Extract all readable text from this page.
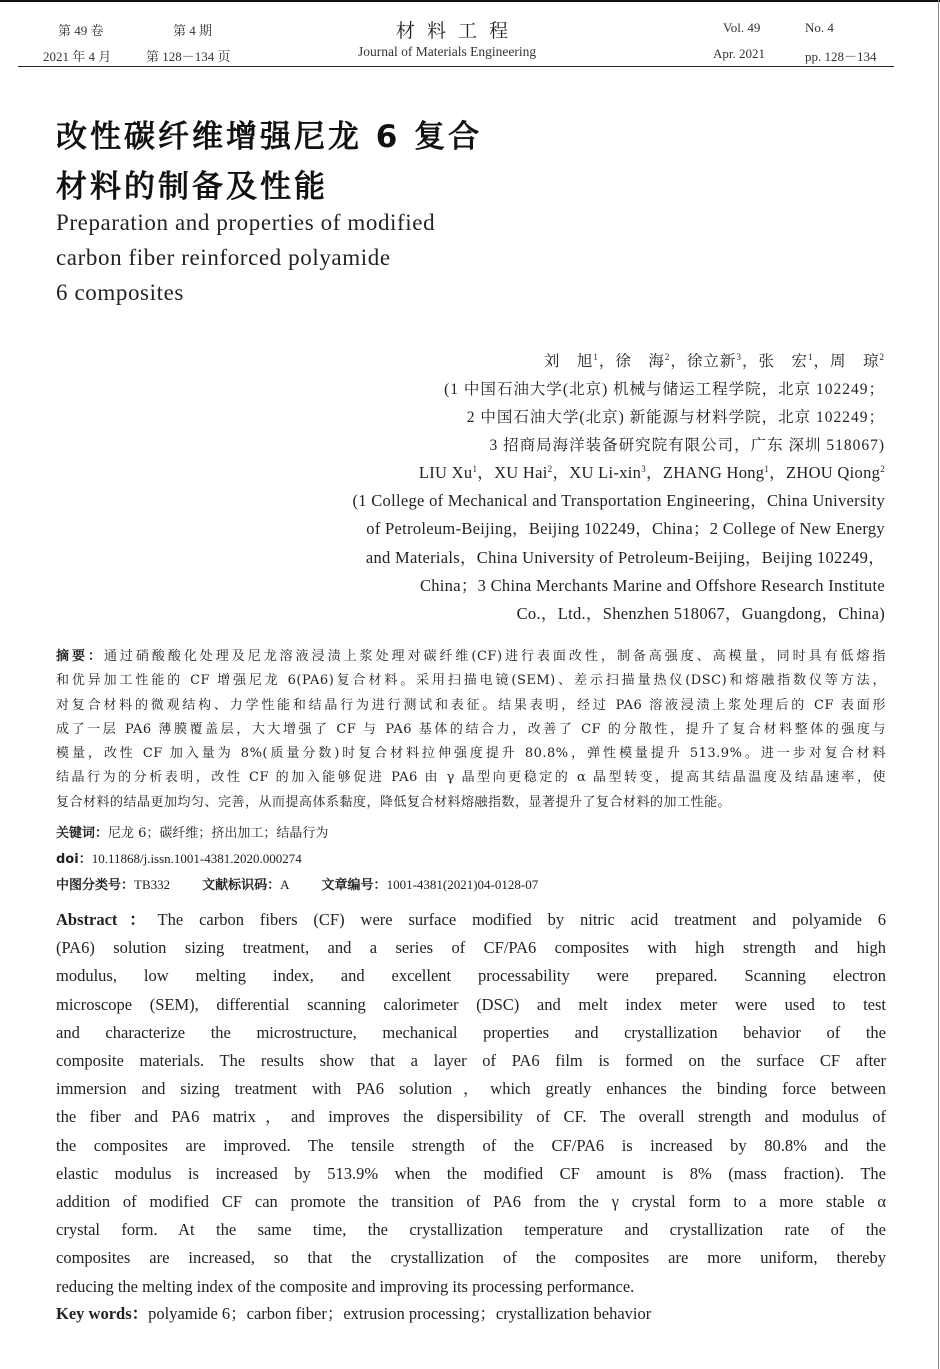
第 49 卷	第 4 期
2021 年 4 月	第 128－134 页
材料工程
Journal of Materials Engineering
Vol. 49	No. 4
Apr. 2021	pp. 128－134
改性碳纤维增强尼龙 6 复合
材料的制备及性能
Preparation and properties of modified
carbon fiber reinforced polyamide
6 composites
刘　旭$^1$，徐　海$^2$，徐立新$^3$，张　宏$^1$，周　琼$^2$
(1 中国石油大学(北京) 机械与储运工程学院，北京 102249；
2 中国石油大学(北京) 新能源与材料学院，北京 102249；
3 招商局海洋装备研究院有限公司，广东 深圳 518067)
LIU Xu$^1$，XU Hai$^2$，XU Li-xin$^3$，ZHANG Hong$^1$，ZHOU Qiong$^2$
(1 College of Mechanical and Transportation Engineering，China University
of Petroleum-Beijing，Beijing 102249，China；2 College of New Energy
and Materials，China University of Petroleum-Beijing，Beijing 102249，
China；3 China Merchants Marine and Offshore Research Institute
Co.，Ltd.，Shenzhen 518067，Guangdong，China)
摘要：通过硝酸酸化处理及尼龙溶液浸渍上浆处理对碳纤维(CF)进行表面改性，制备高强度、高模量，同时具有低熔指
和优异加工性能的 CF 增强尼龙 6(PA6)复合材料。采用扫描电镜(SEM)、差示扫描量热仪(DSC)和熔融指数仪等方法，
对复合材料的微观结构、力学性能和结晶行为进行测试和表征。结果表明，经过 PA6 溶液浸渍上浆处理后的 CF 表面形
成了一层 PA6 薄膜覆盖层，大大增强了 CF 与 PA6 基体的结合力，改善了 CF 的分散性，提升了复合材料整体的强度与
模量，改性 CF 加入量为 8%(质量分数)时复合材料拉伸强度提升 80.8%，弹性模量提升 513.9%。进一步对复合材料
结晶行为的分析表明，改性 CF 的加入能够促进 PA6 由 γ 晶型向更稳定的 α 晶型转变，提高其结晶温度及结晶速率，使
复合材料的结晶更加均匀、完善，从而提高体系黏度，降低复合材料熔融指数，显著提升了复合材料的加工性能。
关键词：尼龙 6；碳纤维；挤出加工；结晶行为
doi：10.11868/j.issn.1001-4381.2020.000274
中图分类号：TB332 文献标识码：A 文章编号：1001-4381(2021)04-0128-07
Abstract：The carbon fibers (CF) were surface modified by nitric acid treatment and polyamide 6
(PA6) solution sizing treatment, and a series of CF/PA6 composites with high strength and high
modulus, low melting index, and excellent processability were prepared. Scanning electron
microscope (SEM), differential scanning calorimeter (DSC) and melt index meter were used to test
and characterize the microstructure, mechanical properties and crystallization behavior of the
composite materials. The results show that a layer of PA6 film is formed on the surface CF after
immersion and sizing treatment with PA6 solution，which greatly enhances the binding force between
the fiber and PA6 matrix，and improves the dispersibility of CF. The overall strength and modulus of
the composites are improved. The tensile strength of the CF/PA6 is increased by 80.8% and the
elastic modulus is increased by 513.9% when the modified CF amount is 8% (mass fraction). The
addition of modified CF can promote the transition of PA6 from the γ crystal form to a more stable α
crystal form. At the same time, the crystallization temperature and crystallization rate of the
composites are increased, so that the crystallization of the composites are more uniform, thereby
reducing the melting index of the composite and improving its processing performance.
Key words：polyamide 6；carbon fiber；extrusion processing；crystallization behavior
